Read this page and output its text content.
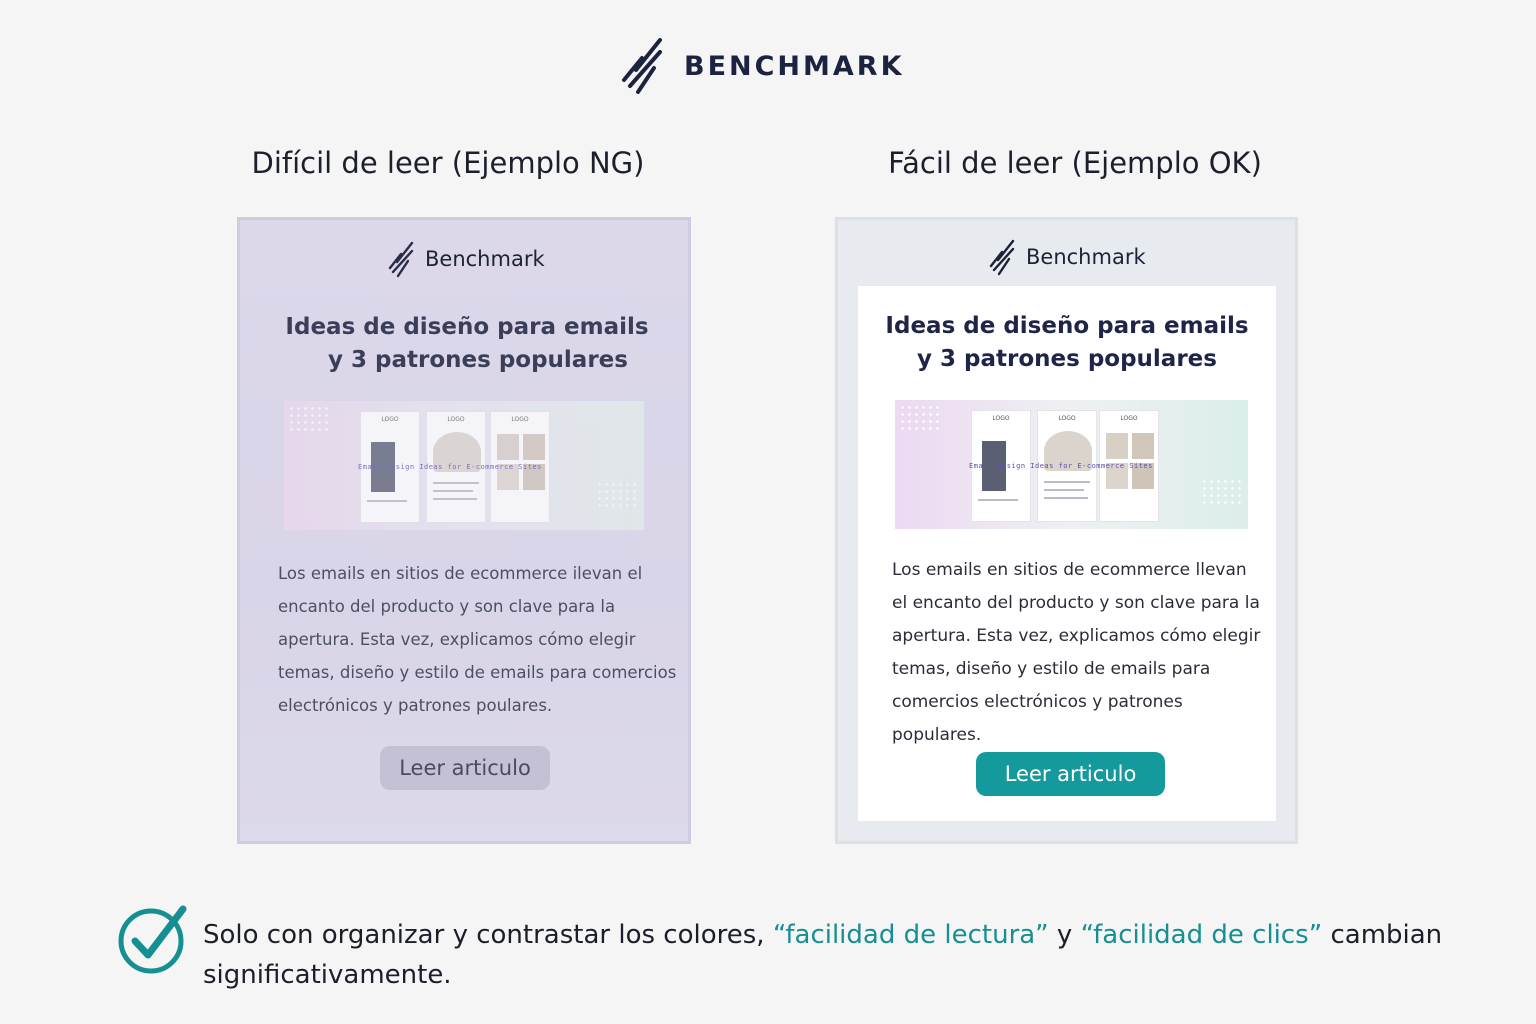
BENCHMARK
Difícil de leer (Ejemplo NG)	Fácil de leer (Ejemplo OK)
Benchmark
Ideas de diseño para emails
y 3 patrones populares
LOGO	LOGO	LOGO
Email Design Ideas for E-commerce Sites
Los emails en sitios de ecommerce ilevan el encanto del producto y son clave para la apertura. Esta vez, explicamos cómo elegir temas, diseño y estilo de emails para comercios electrónicos y patrones poulares.
Leer articulo
Benchmark
Ideas de diseño para emails
y 3 patrones populares
LOGO	LOGO	LOGO
Email Design Ideas for E-commerce Sites
Los emails en sitios de ecommerce llevan el encanto del producto y son clave para la apertura. Esta vez, explicamos cómo elegir temas, diseño y estilo de emails para comercios electrónicos y patrones populares.
Leer articulo
Solo con organizar y contrastar los colores, “facilidad de lectura” y “facilidad de clics” cambian significativamente.
